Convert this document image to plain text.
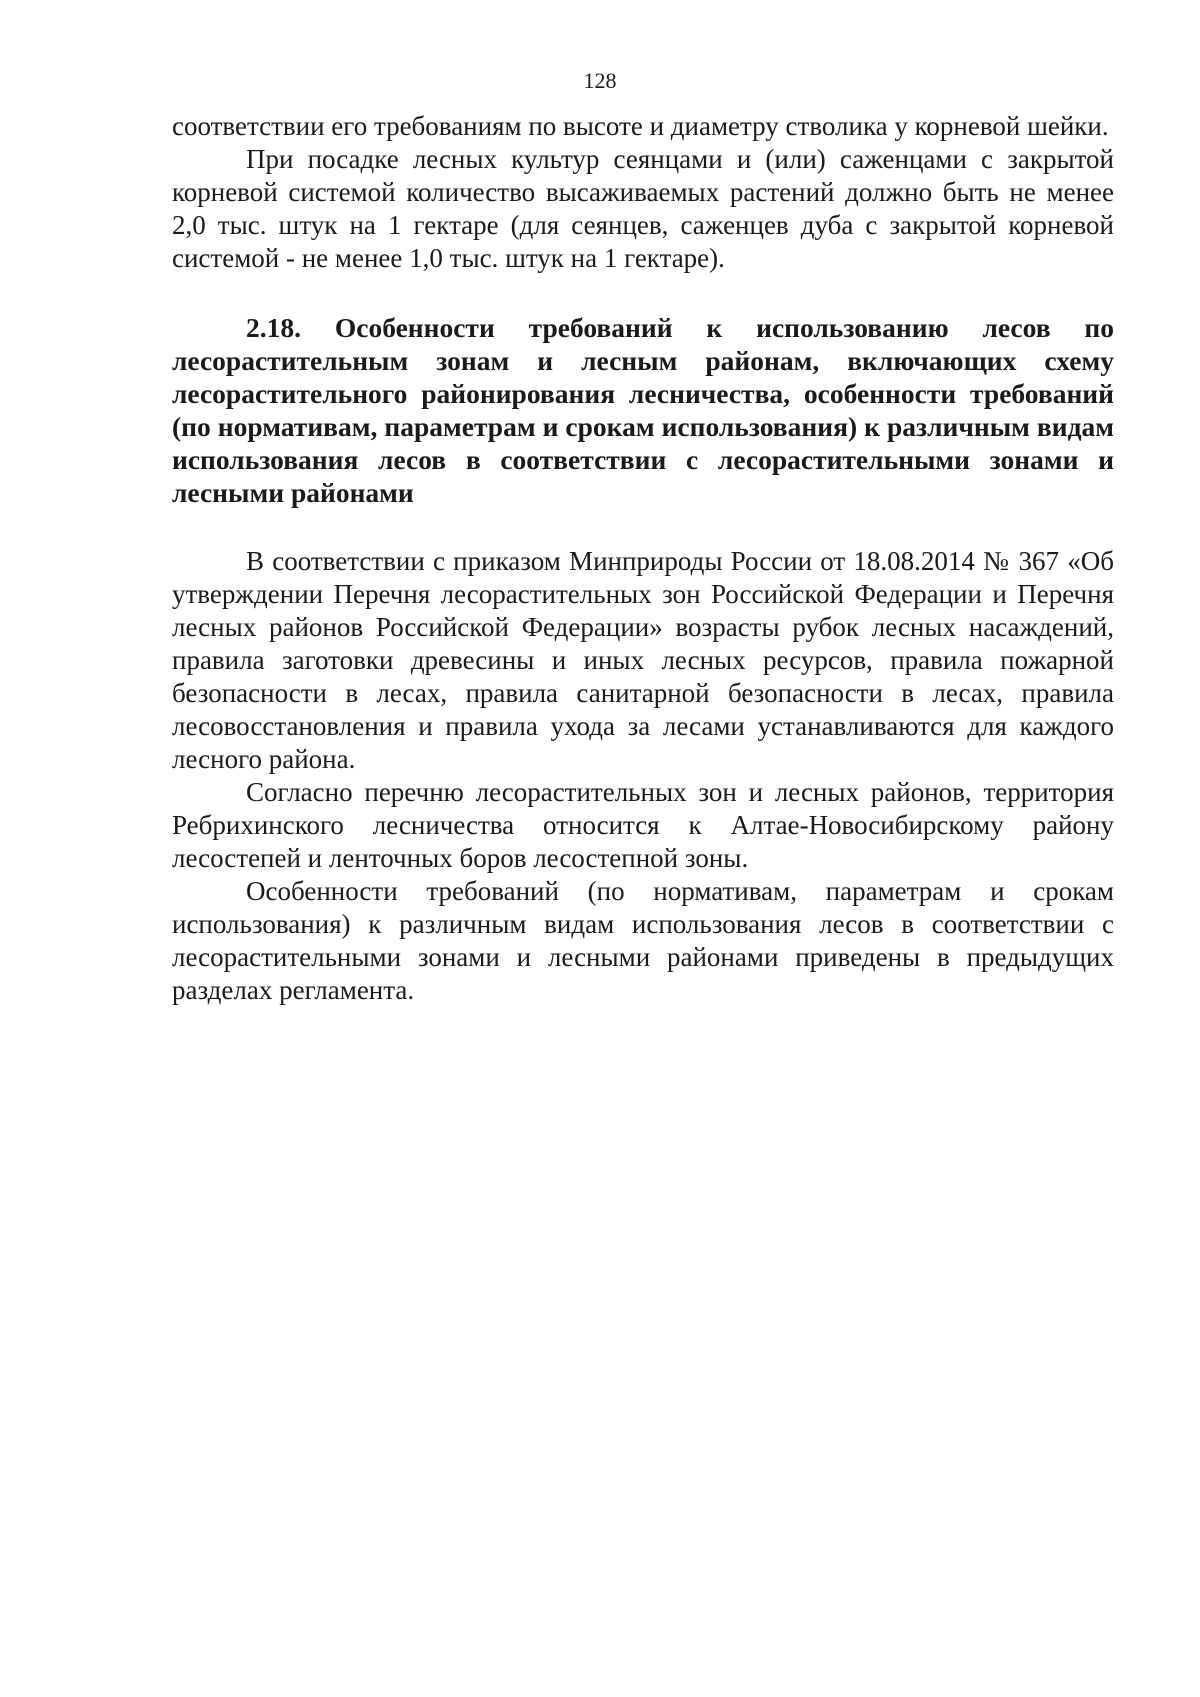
128

соответствии его требованиям по высоте и диаметру стволика у корневой шейки.

При посадке лесных культур сеянцами и (или) саженцами с закрытой корневой системой количество высаживаемых растений должно быть не менее 2,0 тыс. штук на 1 гектаре (для сеянцев, саженцев дуба с закрытой корневой системой - не менее 1,0 тыс. штук на 1 гектаре).

2.18. Особенности требований к использованию лесов по лесорастительным зонам и лесным районам, включающих схему лесорастительного районирования лесничества, особенности требований (по нормативам, параметрам и срокам использования) к различным видам использования лесов в соответствии с лесорастительными зонами и лесными районами

В соответствии с приказом Минприроды России от 18.08.2014 № 367 «Об утверждении Перечня лесорастительных зон Российской Федерации и Перечня лесных районов Российской Федерации» возрасты рубок лесных насаждений, правила заготовки древесины и иных лесных ресурсов, правила пожарной безопасности в лесах, правила санитарной безопасности в лесах, правила лесовосстановления и правила ухода за лесами устанавливаются для каждого лесного района.

Согласно перечню лесорастительных зон и лесных районов, территория Ребрихинского лесничества относится к Алтае-Новосибирскому району лесостепей и ленточных боров лесостепной зоны.

Особенности требований (по нормативам, параметрам и срокам использования) к различным видам использования лесов в соответствии с лесорастительными зонами и лесными районами приведены в предыдущих разделах регламента.
